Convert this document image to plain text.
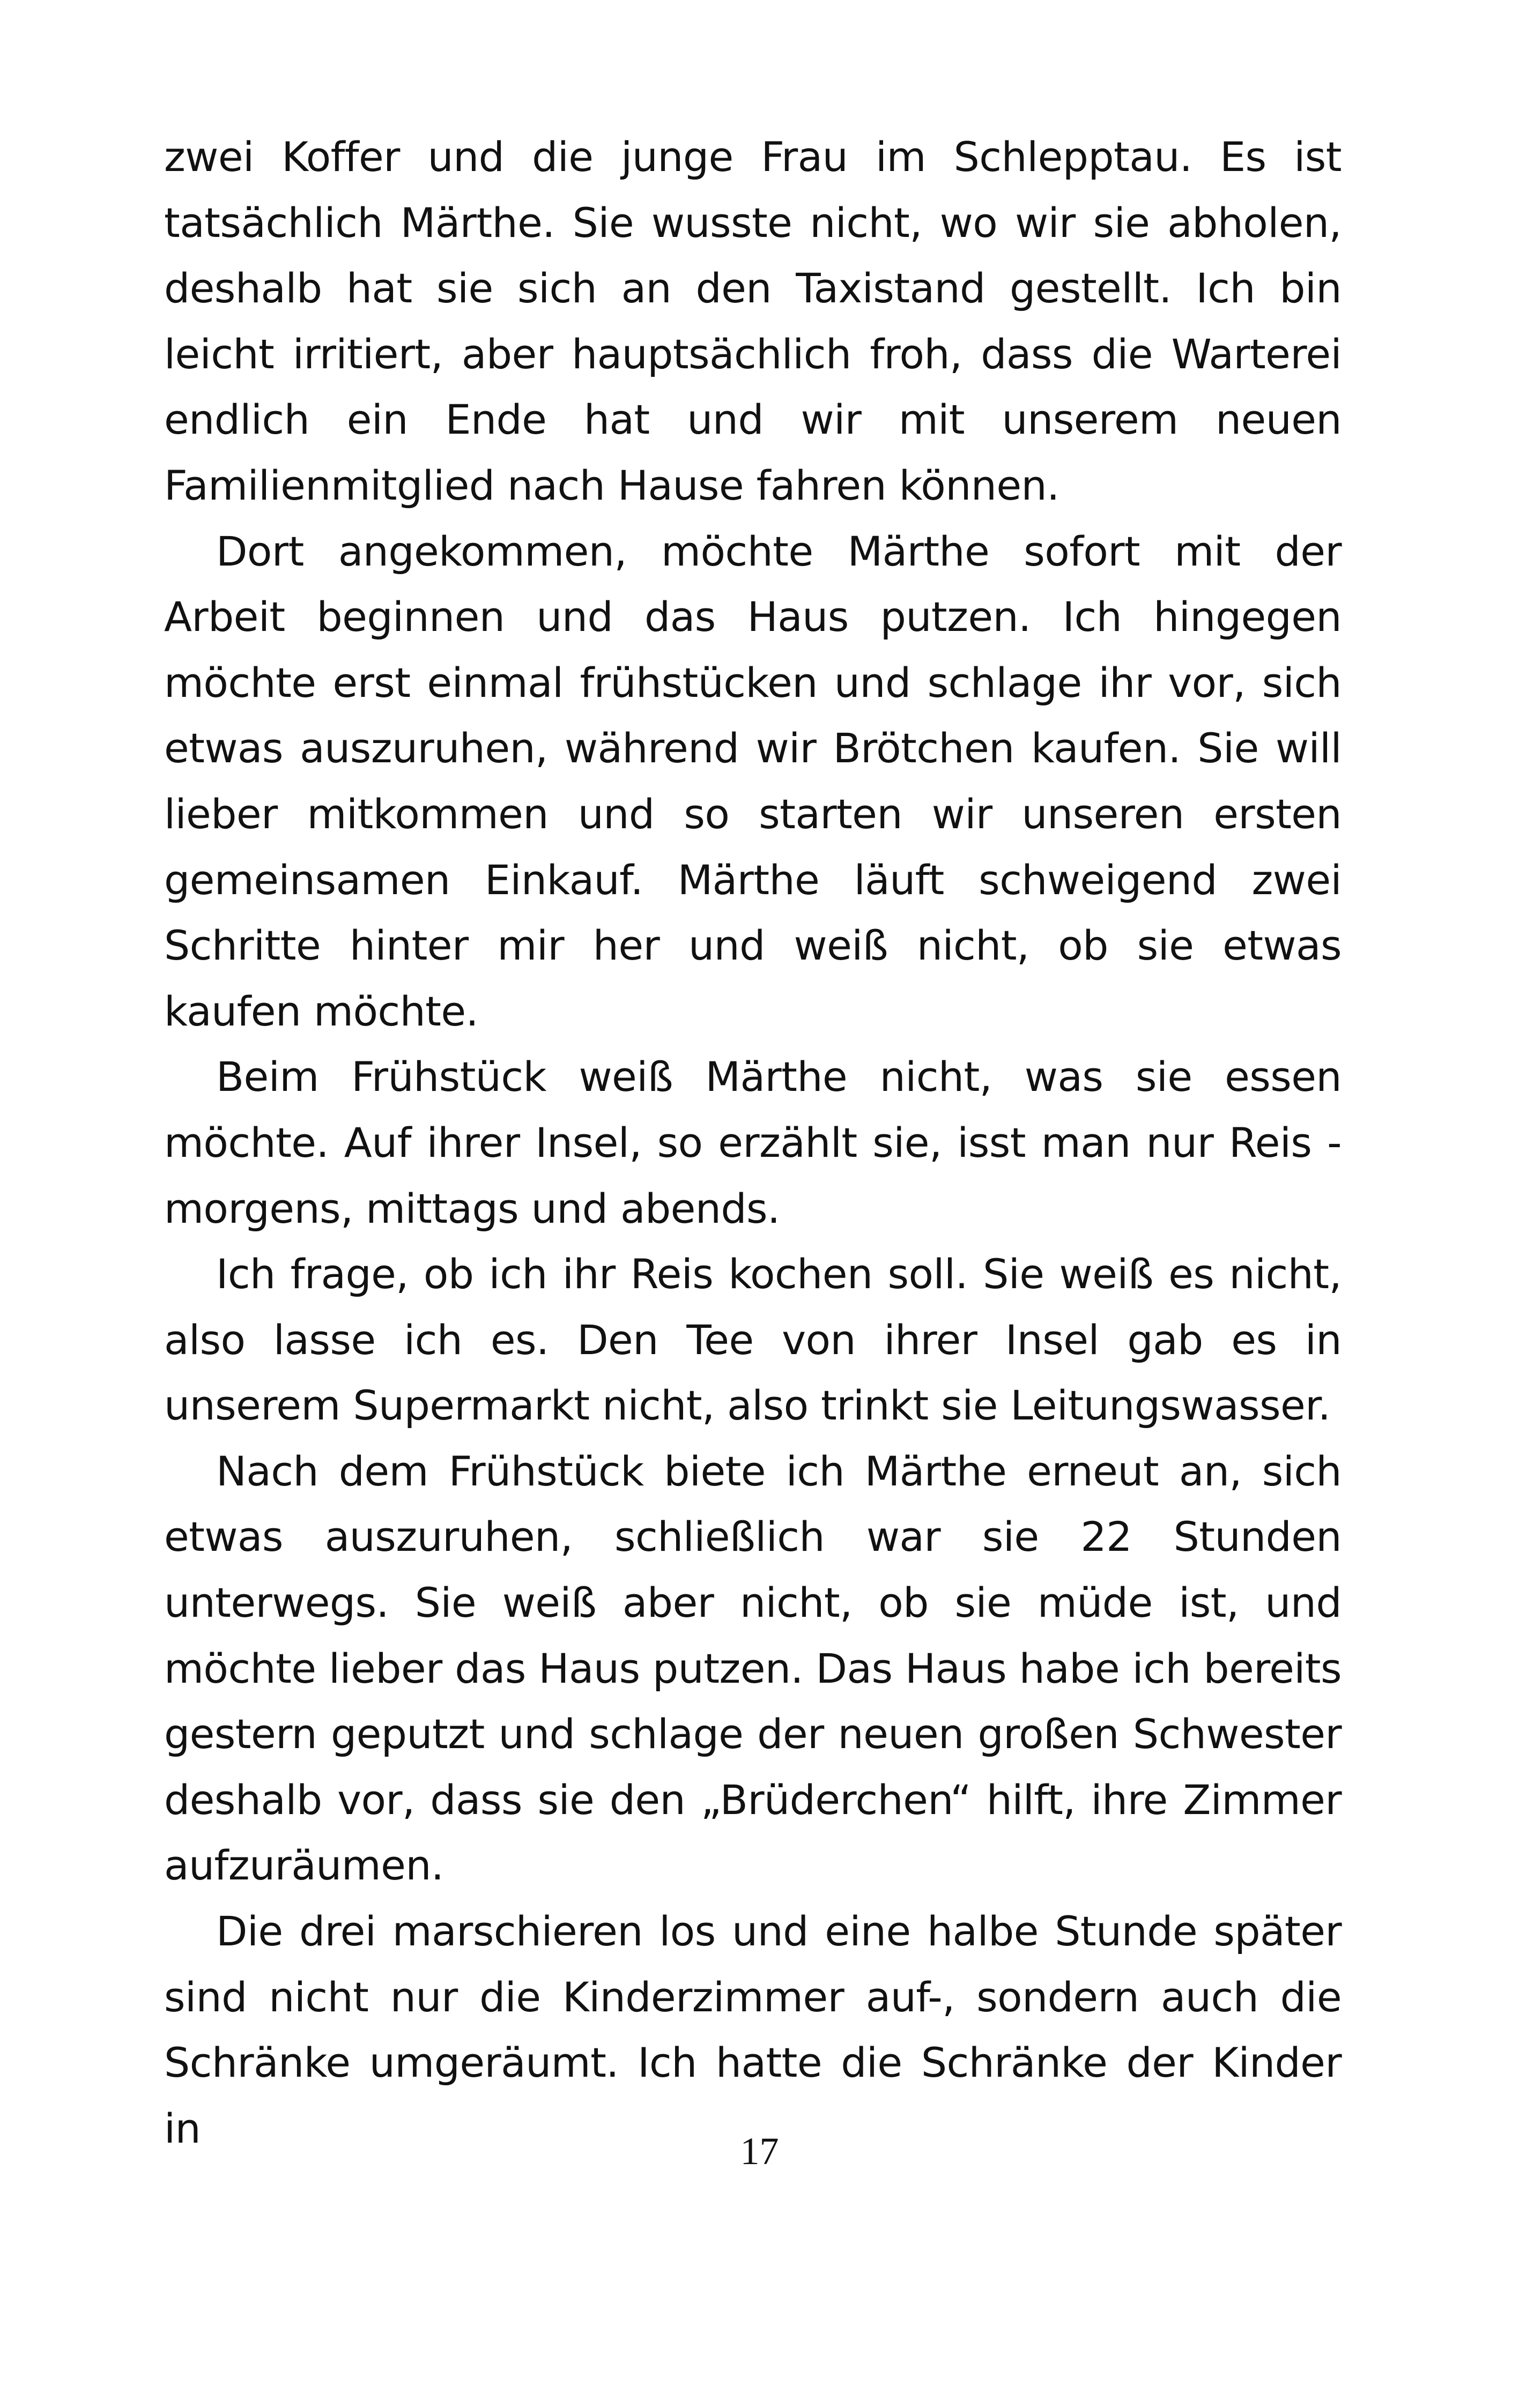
zwei Koffer und die junge Frau im Schlepptau. Es ist tatsächlich Märthe. Sie wusste nicht, wo wir sie abholen, deshalb hat sie sich an den Taxistand gestellt. Ich bin leicht irritiert, aber hauptsächlich froh, dass die Warterei endlich ein Ende hat und wir mit unserem neuen Familienmitglied nach Hause fahren können.

Dort angekommen, möchte Märthe sofort mit der Arbeit beginnen und das Haus putzen. Ich hingegen möchte erst einmal frühstücken und schlage ihr vor, sich etwas auszuruhen, während wir Brötchen kaufen. Sie will lieber mitkommen und so starten wir unseren ersten gemeinsamen Einkauf. Märthe läuft schweigend zwei Schritte hinter mir her und weiß nicht, ob sie etwas kaufen möchte.

Beim Frühstück weiß Märthe nicht, was sie essen möchte. Auf ihrer Insel, so erzählt sie, isst man nur Reis - morgens, mittags und abends.

Ich frage, ob ich ihr Reis kochen soll. Sie weiß es nicht, also lasse ich es. Den Tee von ihrer Insel gab es in unserem Supermarkt nicht, also trinkt sie Leitungswasser.

Nach dem Frühstück biete ich Märthe erneut an, sich etwas auszuruhen, schließlich war sie 22 Stunden unterwegs. Sie weiß aber nicht, ob sie müde ist, und möchte lieber das Haus putzen. Das Haus habe ich bereits gestern geputzt und schlage der neuen großen Schwester deshalb vor, dass sie den „Brüderchen“ hilft, ihre Zimmer aufzuräumen.

Die drei marschieren los und eine halbe Stunde später sind nicht nur die Kinderzimmer auf-, sondern auch die Schränke umgeräumt. Ich hatte die Schränke der Kinder in	17
